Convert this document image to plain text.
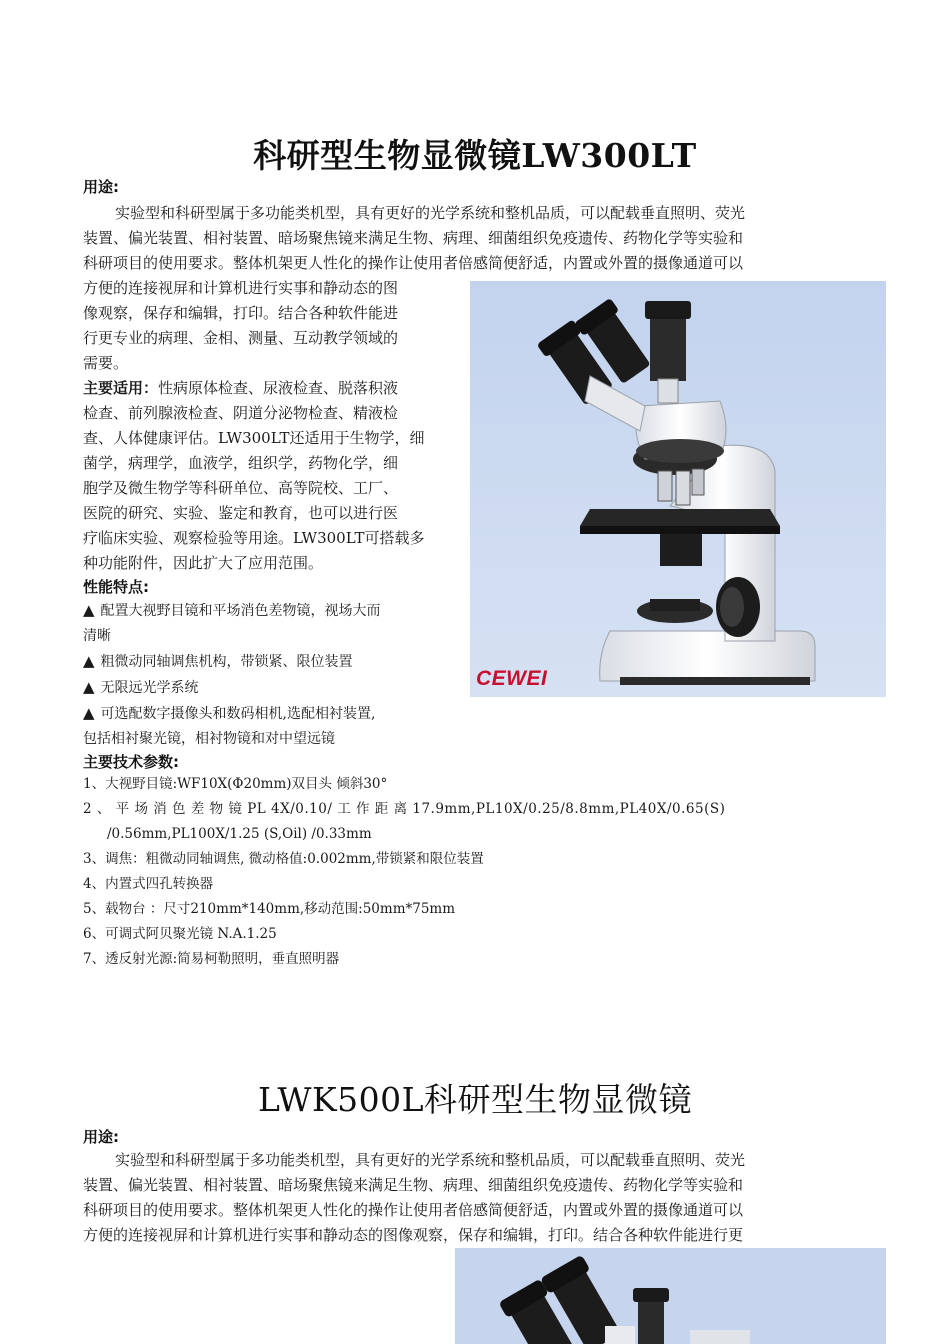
科研型生物显微镜LW300LT
用途:
实验型和科研型属于多功能类机型，具有更好的光学系统和整机品质，可以配载垂直照明、荧光
装置、偏光装置、相衬装置、暗场聚焦镜来满足生物、病理、细菌组织免疫遗传、药物化学等实验和
科研项目的使用要求。整体机架更人性化的操作让使用者倍感简便舒适，内置或外置的摄像通道可以
方便的连接视屏和计算机进行实事和静动态的图
像观察，保存和编辑，打印。结合各种软件能进
行更专业的病理、金相、测量、互动教学领域的
需要。
主要适用：性病原体检查、尿液检查、脱落积液
检查、前列腺液检查、阴道分泌物检查、精液检
查、人体健康评估。LW300LT还适用于生物学，细
菌学，病理学，血液学，组织学，药物化学，细
胞学及微生物学等科研单位、高等院校、工厂、
医院的研究、实验、鉴定和教育，也可以进行医
疗临床实验、观察检验等用途。LW300LT可搭载多
种功能附件，因此扩大了应用范围。
性能特点:
▲ 配置大视野目镜和平场消色差物镜，视场大而
清晰
▲ 粗微动同轴调焦机构，带锁紧、限位装置
▲ 无限远光学系统
▲ 可选配数字摄像头和数码相机,选配相衬装置,
包括相衬聚光镜，相衬物镜和对中望远镜
主要技术参数:
1、大视野目镜:WF10X(Φ20mm)双目头 倾斜30°
2 、 平 场 消 色 差 物 镜 PL 4X/0.10/ 工 作 距 离 17.9mm,PL10X/0.25/8.8mm,PL40X/0.65(S)
/0.56mm,PL100X/1.25 (S,Oil) /0.33mm
3、调焦：粗微动同轴调焦, 微动格值:0.002mm,带锁紧和限位装置
4、内置式四孔转换器
5、载物台 ：尺寸210mm*140mm,移动范围:50mm*75mm
6、可调式阿贝聚光镜 N.A.1.25
7、透反射光源:简易柯勒照明，垂直照明器
CEWEI
LWK500L科研型生物显微镜
用途:
实验型和科研型属于多功能类机型，具有更好的光学系统和整机品质，可以配载垂直照明、荧光
装置、偏光装置、相衬装置、暗场聚焦镜来满足生物、病理、细菌组织免疫遗传、药物化学等实验和
科研项目的使用要求。整体机架更人性化的操作让使用者倍感简便舒适，内置或外置的摄像通道可以
方便的连接视屏和计算机进行实事和静动态的图像观察，保存和编辑，打印。结合各种软件能进行更
